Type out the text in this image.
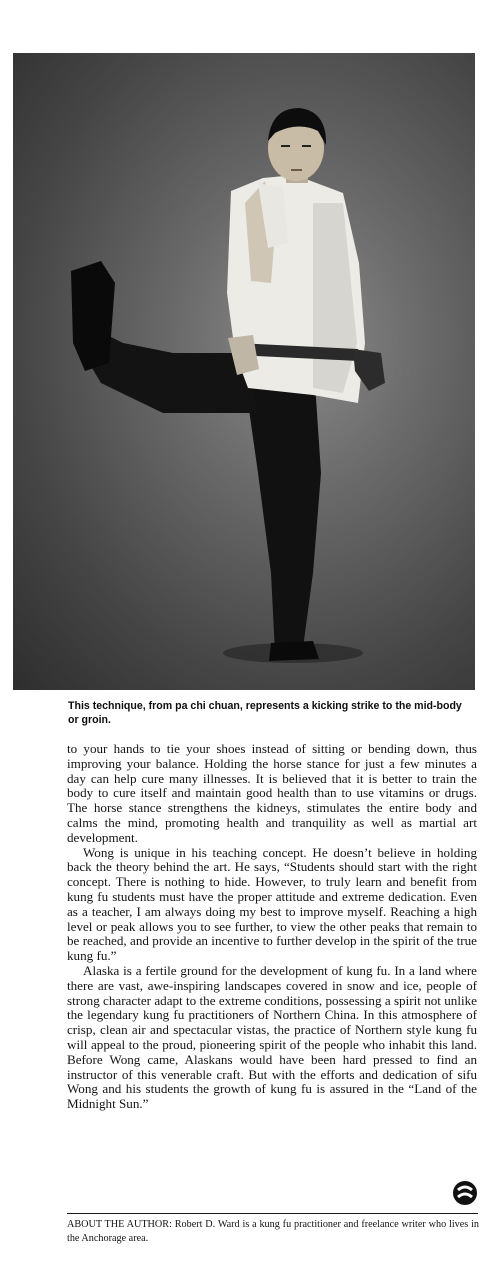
This technique, from pa chi chuan, represents a kicking strike to the mid-body or groin.

to your hands to tie your shoes instead of sitting or bending down, thus improving your balance. Holding the horse stance for just a few minutes a day can help cure many illnesses. It is believed that it is better to train the body to cure itself and maintain good health than to use vitamins or drugs. The horse stance strengthens the kidneys, stimulates the entire body and calms the mind, promoting health and tranquility as well as martial art development.

Wong is unique in his teaching concept. He doesn’t believe in holding back the theory behind the art. He says, “Students should start with the right concept. There is nothing to hide. However, to truly learn and benefit from kung fu students must have the proper attitude and extreme dedication. Even as a teacher, I am always doing my best to improve myself. Reaching a high level or peak allows you to see further, to view the other peaks that remain to be reached, and provide an incentive to further develop in the spirit of the true kung fu.”

Alaska is a fertile ground for the development of kung fu. In a land where there are vast, awe-inspiring landscapes covered in snow and ice, people of strong character adapt to the extreme conditions, possessing a spirit not unlike the legendary kung fu practitioners of Northern China. In this atmosphere of crisp, clean air and spectacular vistas, the practice of Northern style kung fu will appeal to the proud, pioneering spirit of the people who inhabit this land. Before Wong came, Alaskans would have been hard pressed to find an instructor of this venerable craft. But with the efforts and dedication of sifu Wong and his students the growth of kung fu is assured in the “Land of the Midnight Sun.”

ABOUT THE AUTHOR: Robert D. Ward is a kung fu practitioner and freelance writer who lives in the Anchorage area.
